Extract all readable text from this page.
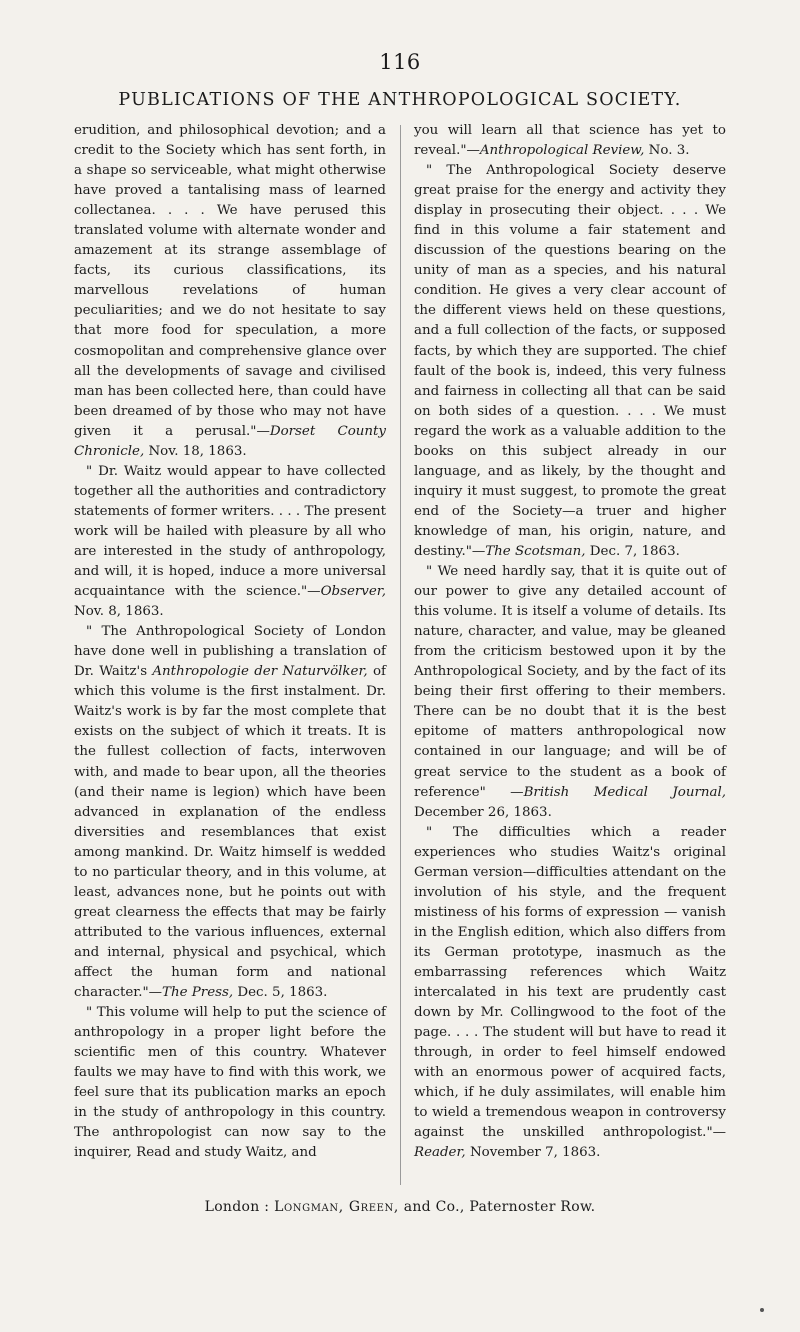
116
PUBLICATIONS OF THE ANTHROPOLOGICAL SOCIETY.

erudition, and philosophical devotion; and a credit to the Society which has sent forth, in a shape so serviceable, what might otherwise have proved a tantalising mass of learned collectanea. . . . We have perused this translated volume with alternate wonder and amazement at its strange assemblage of facts, its curious classifications, its marvellous revelations of human peculiarities; and we do not hesitate to say that more food for speculation, a more cosmopolitan and comprehensive glance over all the developments of savage and civilised man has been collected here, than could have been dreamed of by those who may not have given it a perusal."—Dorset County Chronicle, Nov. 18, 1863.

" Dr. Waitz would appear to have collected together all the authorities and contradictory statements of former writers. . . . The present work will be hailed with pleasure by all who are interested in the study of anthropology, and will, it is hoped, induce a more universal acquaintance with the science."—Observer, Nov. 8, 1863.

" The Anthropological Society of London have done well in publishing a translation of Dr. Waitz's Anthropologie der Naturvölker, of which this volume is the first instalment. Dr. Waitz's work is by far the most complete that exists on the subject of which it treats. It is the fullest collection of facts, interwoven with, and made to bear upon, all the theories (and their name is legion) which have been advanced in explanation of the endless diversities and resemblances that exist among mankind. Dr. Waitz himself is wedded to no particular theory, and in this volume, at least, advances none, but he points out with great clearness the effects that may be fairly attributed to the various influences, external and internal, physical and psychical, which affect the human form and national character."—The Press, Dec. 5, 1863.

" This volume will help to put the science of anthropology in a proper light before the scientific men of this country. Whatever faults we may have to find with this work, we feel sure that its publication marks an epoch in the study of anthropology in this country. The anthropologist can now say to the inquirer, Read and study Waitz, and

you will learn all that science has yet to reveal."—Anthropological Review, No. 3.

" The Anthropological Society deserve great praise for the energy and activity they display in prosecuting their object. . . . We find in this volume a fair statement and discussion of the questions bearing on the unity of man as a species, and his natural condition. He gives a very clear account of the different views held on these questions, and a full collection of the facts, or supposed facts, by which they are supported. The chief fault of the book is, indeed, this very fulness and fairness in collecting all that can be said on both sides of a question. . . . We must regard the work as a valuable addition to the books on this subject already in our language, and as likely, by the thought and inquiry it must suggest, to promote the great end of the Society—a truer and higher knowledge of man, his origin, nature, and destiny."—The Scotsman, Dec. 7, 1863.

" We need hardly say, that it is quite out of our power to give any detailed account of this volume. It is itself a volume of details. Its nature, character, and value, may be gleaned from the criticism bestowed upon it by the Anthropological Society, and by the fact of its being their first offering to their members. There can be no doubt that it is the best epitome of matters anthropological now contained in our language; and will be of great service to the student as a book of reference" —British Medical Journal, December 26, 1863.

" The difficulties which a reader experiences who studies Waitz's original German version—difficulties attendant on the involution of his style, and the frequent mistiness of his forms of expression — vanish in the English edition, which also differs from its German prototype, inasmuch as the embarrassing references which Waitz intercalated in his text are prudently cast down by Mr. Collingwood to the foot of the page. . . . The student will but have to read it through, in order to feel himself endowed with an enormous power of acquired facts, which, if he duly assimilates, will enable him to wield a tremendous weapon in controversy against the unskilled anthropologist."—Reader, November 7, 1863.

London : Longman, Green, and Co., Paternoster Row.
